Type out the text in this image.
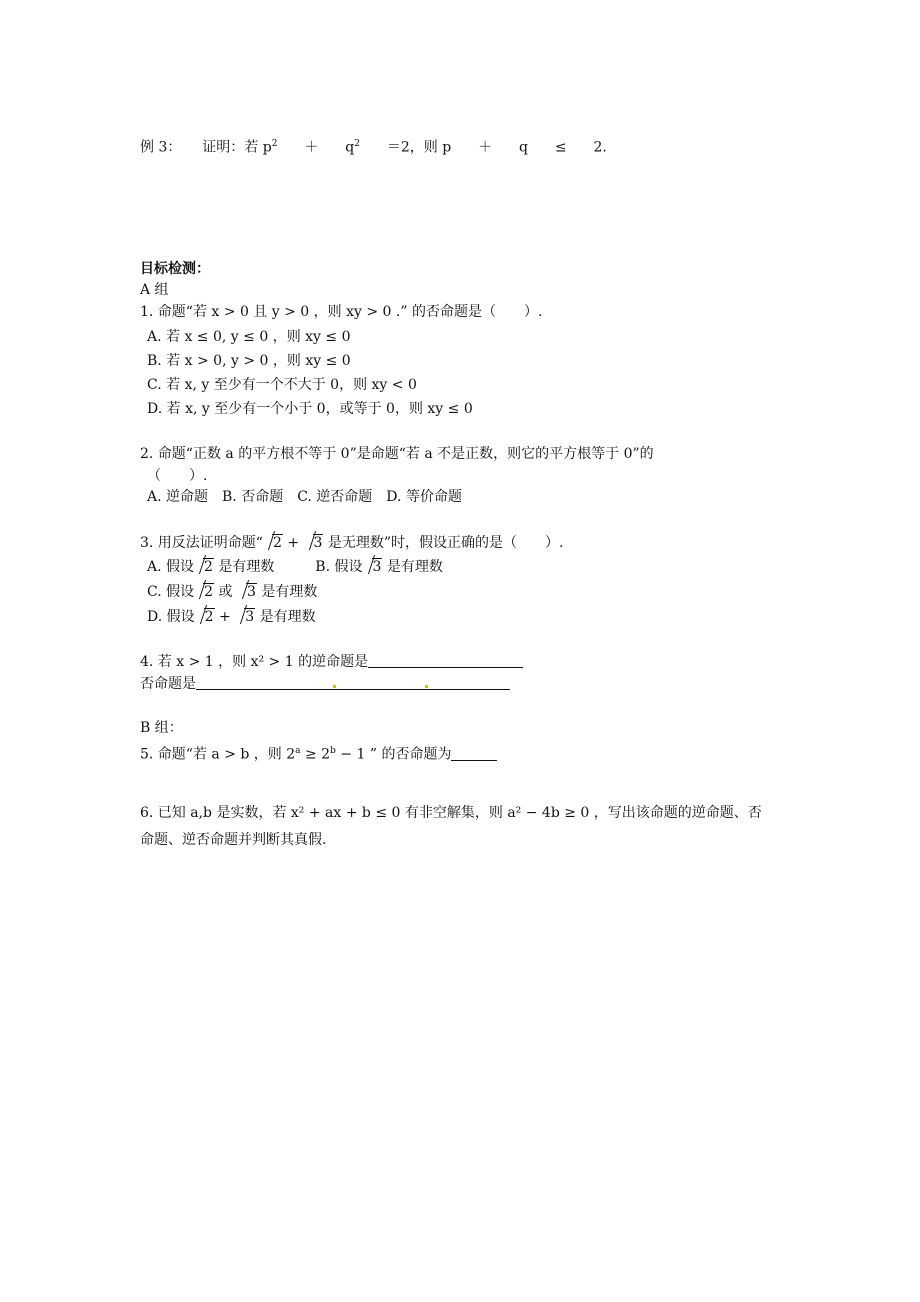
例 3： 证明：若 $p^2 + q^2 =2$，则 p ＋ q ≤ 2．
目标检测：
A 组
1. 命题“若 x > 0 且 y > 0 ，则 xy > 0 .” 的否命题是（　　）.
A. 若 x ≤ 0, y ≤ 0 ，则 xy ≤ 0
B. 若 x > 0, y > 0 ，则 xy ≤ 0
C. 若 x, y 至少有一个不大于 0，则 xy < 0
D. 若 x, y 至少有一个小于 0，或等于 0，则 xy ≤ 0
2. 命题“正数 a 的平方根不等于 0”是命题“若 a 不是正数，则它的平方根等于 0”的
（　　）.
A. 逆命题　B. 否命题　C. 逆否命题　D. 等价命题
3. 用反法证明命题“ 2 + 3 是无理数”时，假设正确的是（　　）.
A. 假设 2 是有理数	B. 假设 3 是有理数
C. 假设 2 或 3 是有理数
D. 假设 2 + 3 是有理数
4. 若 x > 1 ，则 x² > 1 的逆命题是
否命题是
B 组：
5. 命题“若 a > b ，则 $2^a \ge 2^b - 1$ ” 的否命题为
6. 已知 a,b 是实数，若 x² + ax + b ≤ 0 有非空解集，则 a² − 4b ≥ 0 ，写出该命题的逆命题、否
命题、逆否命题并判断其真假.
